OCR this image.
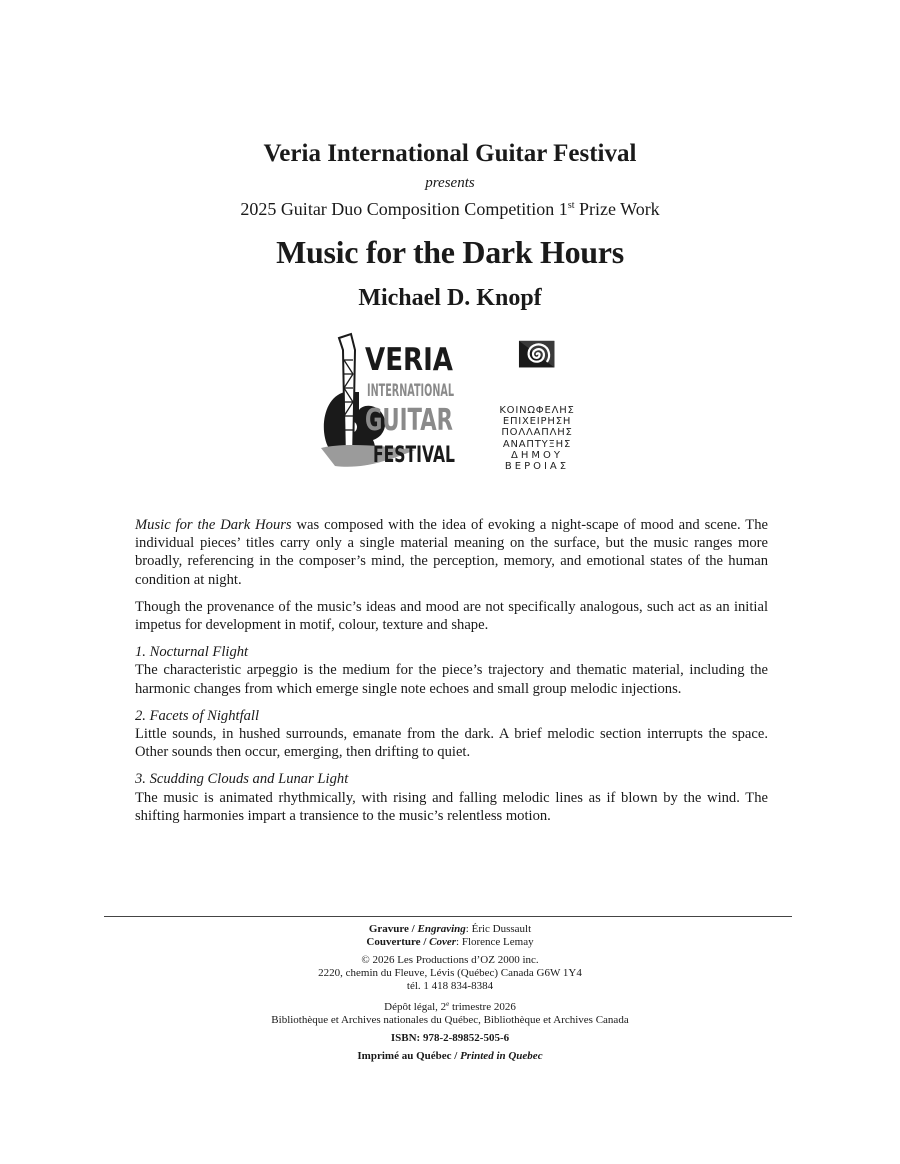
Veria International Guitar Festival
presents
2025 Guitar Duo Composition Competition 1st Prize Work
Music for the Dark Hours
Michael D. Knopf
VERIA
INTERNATIONAL
GUITAR
FESTIVAL
ΚΟΙΝΩΦΕΛΗΣ
ΕΠΙΧΕΙΡΗΣΗ
ΠΟΛΛΑΠΛΗΣ
ΑΝΑΠΤΥΞΗΣ
ΔΗΜΟΥ
ΒΕΡΟΙΑΣ

Music for the Dark Hours was composed with the idea of evoking a night-scape of mood and scene. The individual pieces’ titles carry only a single material meaning on the surface, but the music ranges more broadly, referencing in the composer’s mind, the perception, memory, and emotional states of the human condition at night.

Though the provenance of the music’s ideas and mood are not specifically analogous, such act as an initial impetus for development in motif, colour, texture and shape.

1. Nocturnal Flight
The characteristic arpeggio is the medium for the piece’s trajectory and thematic material, including the harmonic changes from which emerge single note echoes and small group melodic injections.
2. Facets of Nightfall
Little sounds, in hushed surrounds, emanate from the dark. A brief melodic section interrupts the space. Other sounds then occur, emerging, then drifting to quiet.
3. Scudding Clouds and Lunar Light
The music is animated rhythmically, with rising and falling melodic lines as if blown by the wind. The shifting harmonies impart a transience to the music’s relentless motion.
Gravure / Engraving: Éric Dussault
Couverture / Cover: Florence Lemay
© 2026 Les Productions d’OZ 2000 inc.
2220, chemin du Fleuve, Lévis (Québec) Canada G6W 1Y4
tél. 1 418 834-8384
Dépôt légal, 2e trimestre 2026
Bibliothèque et Archives nationales du Québec, Bibliothèque et Archives Canada
ISBN: 978-2-89852-505-6
Imprimé au Québec / Printed in Quebec
